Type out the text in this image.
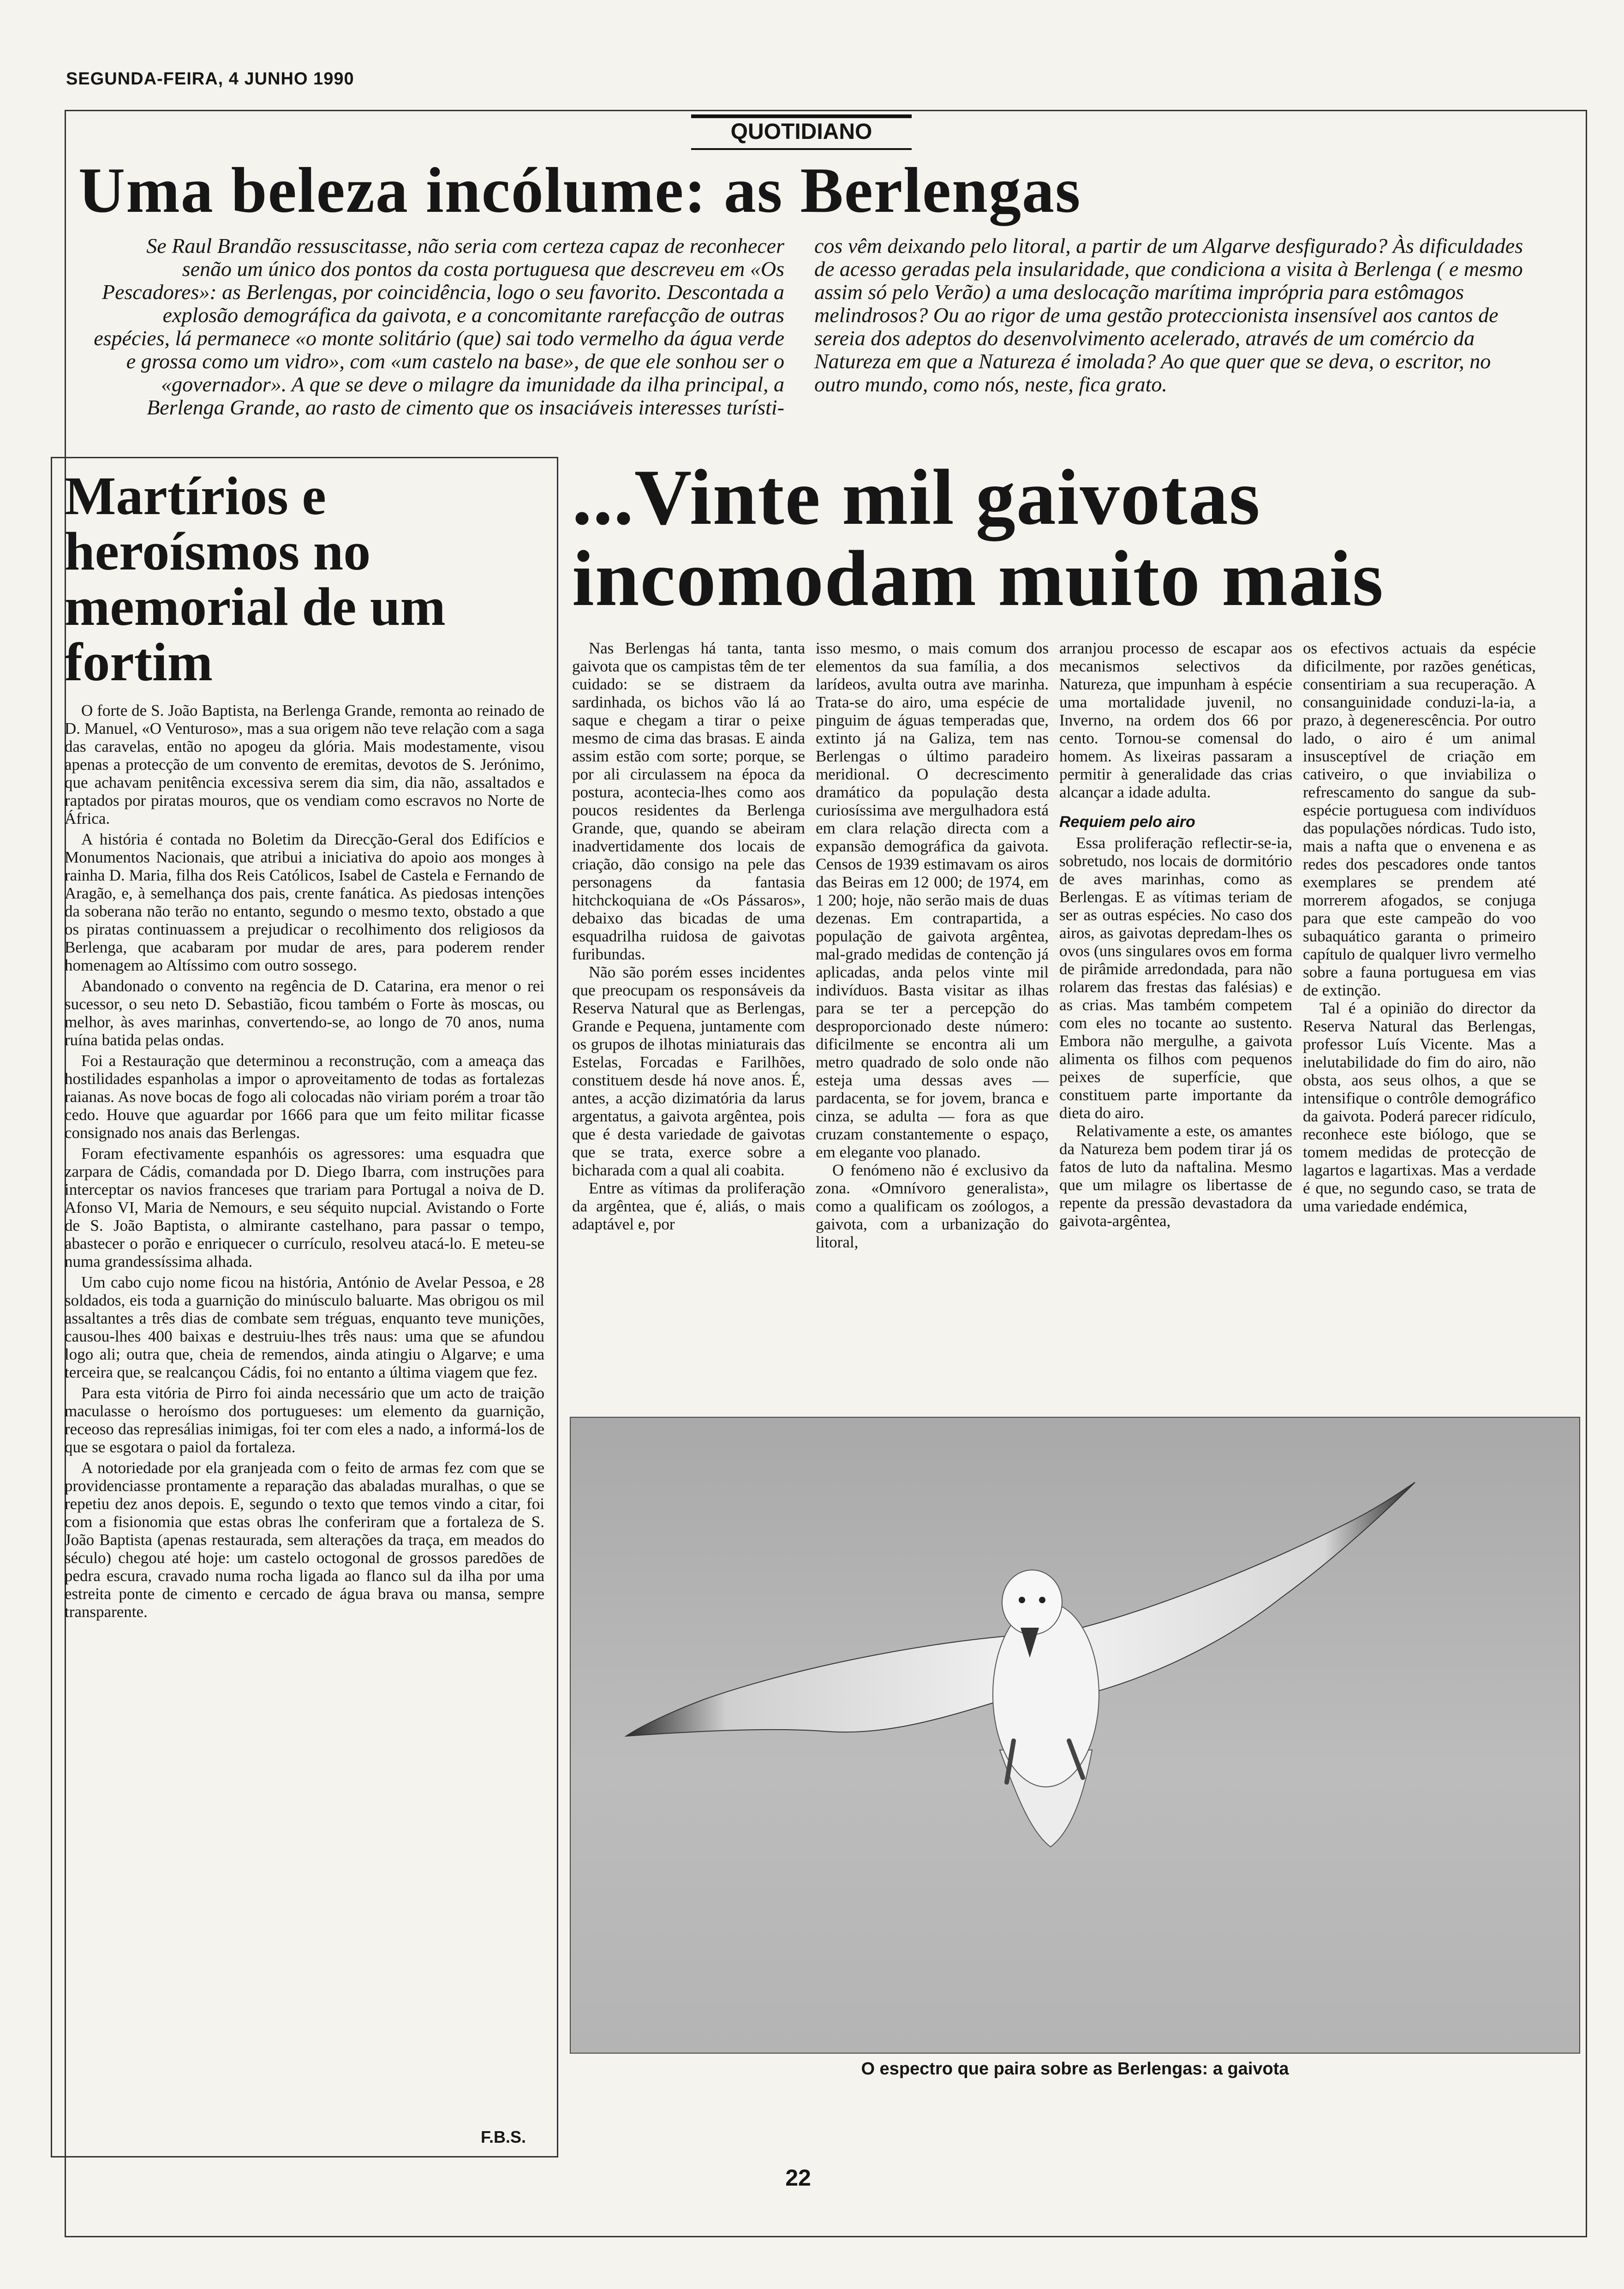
SEGUNDA-FEIRA, 4 JUNHO 1990
QUOTIDIANO
Uma beleza incólume: as Berlengas

Se Raul Brandão ressuscitasse, não seria com certeza capaz de reconhecer senão um único dos pontos da costa portuguesa que descreveu em «Os Pescadores»: as Berlengas, por coincidência, logo o seu favorito. Descontada a explosão demográfica da gaivota, e a concomitante rarefacção de outras espécies, lá permanece «o monte solitário (que) sai todo vermelho da água verde e grossa como um vidro», com «um castelo na base», de que ele sonhou ser o «governador». A que se deve o milagre da imunidade da ilha principal, a Berlenga Grande, ao rasto de cimento que os insaciáveis interesses turísti-

cos vêm deixando pelo litoral, a partir de um Algarve desfigurado? Às dificuldades de acesso geradas pela insularidade, que condiciona a visita à Berlenga ( e mesmo assim só pelo Verão) a uma deslocação marítima imprópria para estômagos melindrosos? Ou ao rigor de uma gestão proteccionista insensível aos cantos de sereia dos adeptos do desenvolvimento acelerado, através de um comércio da Natureza em que a Natureza é imolada? Ao que quer que se deva, o escritor, no outro mundo, como nós, neste, fica grato.

Martírios e heroísmos no memorial de um fortim

O forte de S. João Baptista, na Berlenga Grande, remonta ao reinado de D. Manuel, «O Venturoso», mas a sua origem não teve relação com a saga das caravelas, então no apogeu da glória. Mais modestamente, visou apenas a protecção de um convento de eremitas, devotos de S. Jerónimo, que achavam penitência excessiva serem dia sim, dia não, assaltados e raptados por piratas mouros, que os vendiam como escravos no Norte de África.

A história é contada no Boletim da Direcção-Geral dos Edifícios e Monumentos Nacionais, que atribui a iniciativa do apoio aos monges à rainha D. Maria, filha dos Reis Católicos, Isabel de Castela e Fernando de Aragão, e, à semelhança dos pais, crente fanática. As piedosas intenções da soberana não terão no entanto, segundo o mesmo texto, obstado a que os piratas continuassem a prejudicar o recolhimento dos religiosos da Berlenga, que acabaram por mudar de ares, para poderem render homenagem ao Altíssimo com outro sossego.

Abandonado o convento na regência de D. Catarina, era menor o rei sucessor, o seu neto D. Sebastião, ficou também o Forte às moscas, ou melhor, às aves marinhas, convertendo-se, ao longo de 70 anos, numa ruína batida pelas ondas.

Foi a Restauração que determinou a reconstrução, com a ameaça das hostilidades espanholas a impor o aproveitamento de todas as fortalezas raianas. As nove bocas de fogo ali colocadas não viriam porém a troar tão cedo. Houve que aguardar por 1666 para que um feito militar ficasse consignado nos anais das Berlengas.

Foram efectivamente espanhóis os agressores: uma esquadra que zarpara de Cádis, comandada por D. Diego Ibarra, com instruções para interceptar os navios franceses que trariam para Portugal a noiva de D. Afonso VI, Maria de Nemours, e seu séquito nupcial. Avistando o Forte de S. João Baptista, o almirante castelhano, para passar o tempo, abastecer o porão e enriquecer o currículo, resolveu atacá-lo. E meteu-se numa grandessíssima alhada.

Um cabo cujo nome ficou na história, António de Avelar Pessoa, e 28 soldados, eis toda a guarnição do minúsculo baluarte. Mas obrigou os mil assaltantes a três dias de combate sem tréguas, enquanto teve munições, causou-lhes 400 baixas e destruiu-lhes três naus: uma que se afundou logo ali; outra que, cheia de remendos, ainda atingiu o Algarve; e uma terceira que, se realcançou Cádis, foi no entanto a última viagem que fez.

Para esta vitória de Pirro foi ainda necessário que um acto de traição maculasse o heroísmo dos portugueses: um elemento da guarnição, receoso das represálias inimigas, foi ter com eles a nado, a informá-los de que se esgotara o paiol da fortaleza.

A notoriedade por ela granjeada com o feito de armas fez com que se providenciasse prontamente a reparação das abaladas muralhas, o que se repetiu dez anos depois. E, segundo o texto que temos vindo a citar, foi com a fisionomia que estas obras lhe conferiram que a fortaleza de S. João Baptista (apenas restaurada, sem alterações da traça, em meados do século) chegou até hoje: um castelo octogonal de grossos paredões de pedra escura, cravado numa rocha ligada ao flanco sul da ilha por uma estreita ponte de cimento e cercado de água brava ou mansa, sempre transparente.

F.B.S.
...Vinte mil gaivotas incomodam muito mais

Nas Berlengas há tanta, tanta gaivota que os campistas têm de ter cuidado: se se distraem da sardinhada, os bichos vão lá ao saque e chegam a tirar o peixe mesmo de cima das brasas. E ainda assim estão com sorte; porque, se por ali circulassem na época da postura, acontecia-lhes como aos poucos residentes da Berlenga Grande, que, quando se abeiram inadvertidamente dos locais de criação, dão consigo na pele das personagens da fantasia hitchckoquiana de «Os Pássaros», debaixo das bicadas de uma esquadrilha ruidosa de gaivotas furibundas.

Não são porém esses incidentes que preocupam os responsáveis da Reserva Natural que as Berlengas, Grande e Pequena, juntamente com os grupos de ilhotas miniaturais das Estelas, Forcadas e Farilhões, constituem desde há nove anos. É, antes, a acção dizimatória da larus argentatus, a gaivota argêntea, pois que é desta variedade de gaivotas que se trata, exerce sobre a bicharada com a qual ali coabita.

Entre as vítimas da proliferação da argêntea, que é, aliás, o mais adaptável e, por

isso mesmo, o mais comum dos elementos da sua família, a dos larídeos, avulta outra ave marinha. Trata-se do airo, uma espécie de pinguim de águas temperadas que, extinto já na Galiza, tem nas Berlengas o último paradeiro meridional. O decrescimento dramático da população desta curiosíssima ave mergulhadora está em clara relação directa com a expansão demográfica da gaivota. Censos de 1939 estimavam os airos das Beiras em 12 000; de 1974, em 1 200; hoje, não serão mais de duas dezenas. Em contrapartida, a população de gaivota argêntea, mal-grado medidas de contenção já aplicadas, anda pelos vinte mil indivíduos. Basta visitar as ilhas para se ter a percepção do desproporcionado deste número: dificilmente se encontra ali um metro quadrado de solo onde não esteja uma dessas aves — pardacenta, se for jovem, branca e cinza, se adulta — fora as que cruzam constantemente o espaço, em elegante voo planado.

O fenómeno não é exclusivo da zona. «Omnívoro generalista», como a qualificam os zoólogos, a gaivota, com a urbanização do litoral,

arranjou processo de escapar aos mecanismos selectivos da Natureza, que impunham à espécie uma mortalidade juvenil, no Inverno, na ordem dos 66 por cento. Tornou-se comensal do homem. As lixeiras passaram a permitir à generalidade das crias alcançar a idade adulta.

Requiem pelo airo

Essa proliferação reflectir-se-ia, sobretudo, nos locais de dormitório de aves marinhas, como as Berlengas. E as vítimas teriam de ser as outras espécies. No caso dos airos, as gaivotas depredam-lhes os ovos (uns singulares ovos em forma de pirâmide arredondada, para não rolarem das frestas das falésias) e as crias. Mas também competem com eles no tocante ao sustento. Embora não mergulhe, a gaivota alimenta os filhos com pequenos peixes de superfície, que constituem parte importante da dieta do airo.

Relativamente a este, os amantes da Natureza bem podem tirar já os fatos de luto da naftalina. Mesmo que um milagre os libertasse de repente da pressão devastadora da gaivota-argêntea,

os efectivos actuais da espécie dificilmente, por razões genéticas, consentiriam a sua recuperação. A consanguinidade conduzi-la-ia, a prazo, à degenerescência. Por outro lado, o airo é um animal insusceptível de criação em cativeiro, o que inviabiliza o refrescamento do sangue da sub-espécie portuguesa com indivíduos das populações nórdicas. Tudo isto, mais a nafta que o envenena e as redes dos pescadores onde tantos exemplares se prendem até morrerem afogados, se conjuga para que este campeão do voo subaquático garanta o primeiro capítulo de qualquer livro vermelho sobre a fauna portuguesa em vias de extinção.

Tal é a opinião do director da Reserva Natural das Berlengas, professor Luís Vicente. Mas a inelutabilidade do fim do airo, não obsta, aos seus olhos, a que se intensifique o contrôle demográfico da gaivota. Poderá parecer ridículo, reconhece este biólogo, que se tomem medidas de protecção de lagartos e lagartixas. Mas a verdade é que, no segundo caso, se trata de uma variedade endémica,

O espectro que paira sobre as Berlengas: a gaivota
22
